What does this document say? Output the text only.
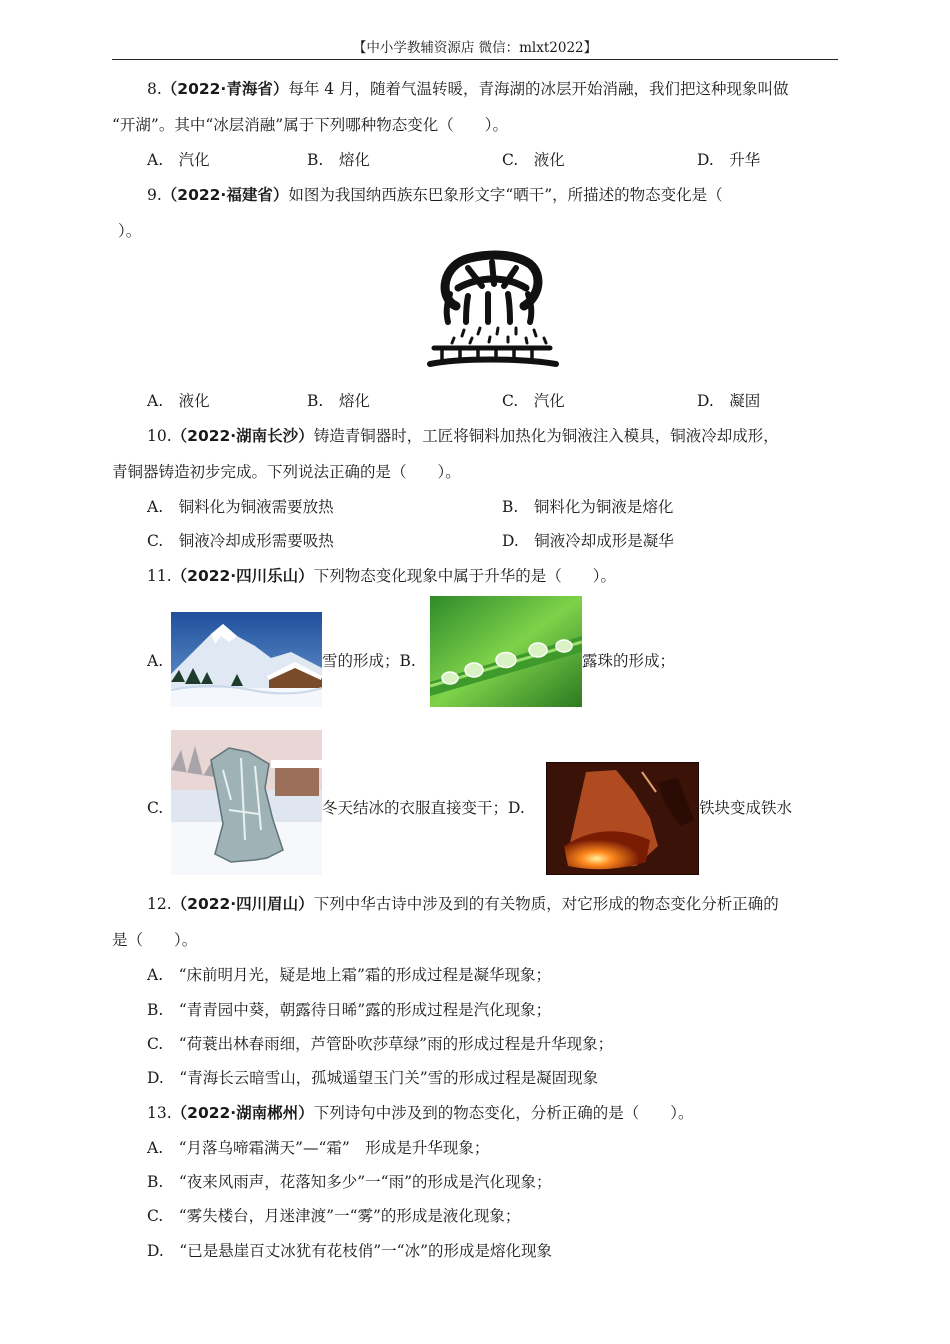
【中小学教辅资源店 微信：mlxt2022】
8.（2022·青海省）每年 4 月，随着气温转暖，青海湖的冰层开始消融，我们把这种现象叫做
“开湖”。其中“冰层消融”属于下列哪种物态变化（　　）。
A.　汽化	B.　熔化	C.　液化	D.　升华
9.（2022·福建省）如图为我国纳西族东巴象形文字“晒干”，所描述的物态变化是（
）。
A.　液化	B.　熔化	C.　汽化	D.　凝固
10.（2022·湖南长沙）铸造青铜器时，工匠将铜料加热化为铜液注入模具，铜液冷却成形，
青铜器铸造初步完成。下列说法正确的是（　　）。
A.　铜料化为铜液需要放热	B.　铜料化为铜液是熔化
C.　铜液冷却成形需要吸热	D.　铜液冷却成形是凝华
11.（2022·四川乐山）下列物态变化现象中属于升华的是（　　）。
A.	雪的形成；B.	露珠的形成；
C.	冬天结冰的衣服直接变干；D.	铁块变成铁水
12.（2022·四川眉山）下列中华古诗中涉及到的有关物质，对它形成的物态变化分析正确的
是（　　）。
A.　“床前明月光，疑是地上霜”霜的形成过程是凝华现象；
B.　“青青园中葵，朝露待日晞”露的形成过程是汽化现象；
C.　“荷蓑出林春雨细，芦管卧吹莎草绿”雨的形成过程是升华现象；
D.　“青海长云暗雪山，孤城遥望玉门关”雪的形成过程是凝固现象
13.（2022·湖南郴州）下列诗句中涉及到的物态变化，分析正确的是（　　）。
A.　“月落乌啼霜满天”—“霜”　形成是升华现象；
B.　“夜来风雨声，花落知多少”一“雨”的形成是汽化现象；
C.　“雾失楼台，月迷津渡”一“雾”的形成是液化现象；
D.　“已是悬崖百丈冰犹有花枝俏”一“冰”的形成是熔化现象
